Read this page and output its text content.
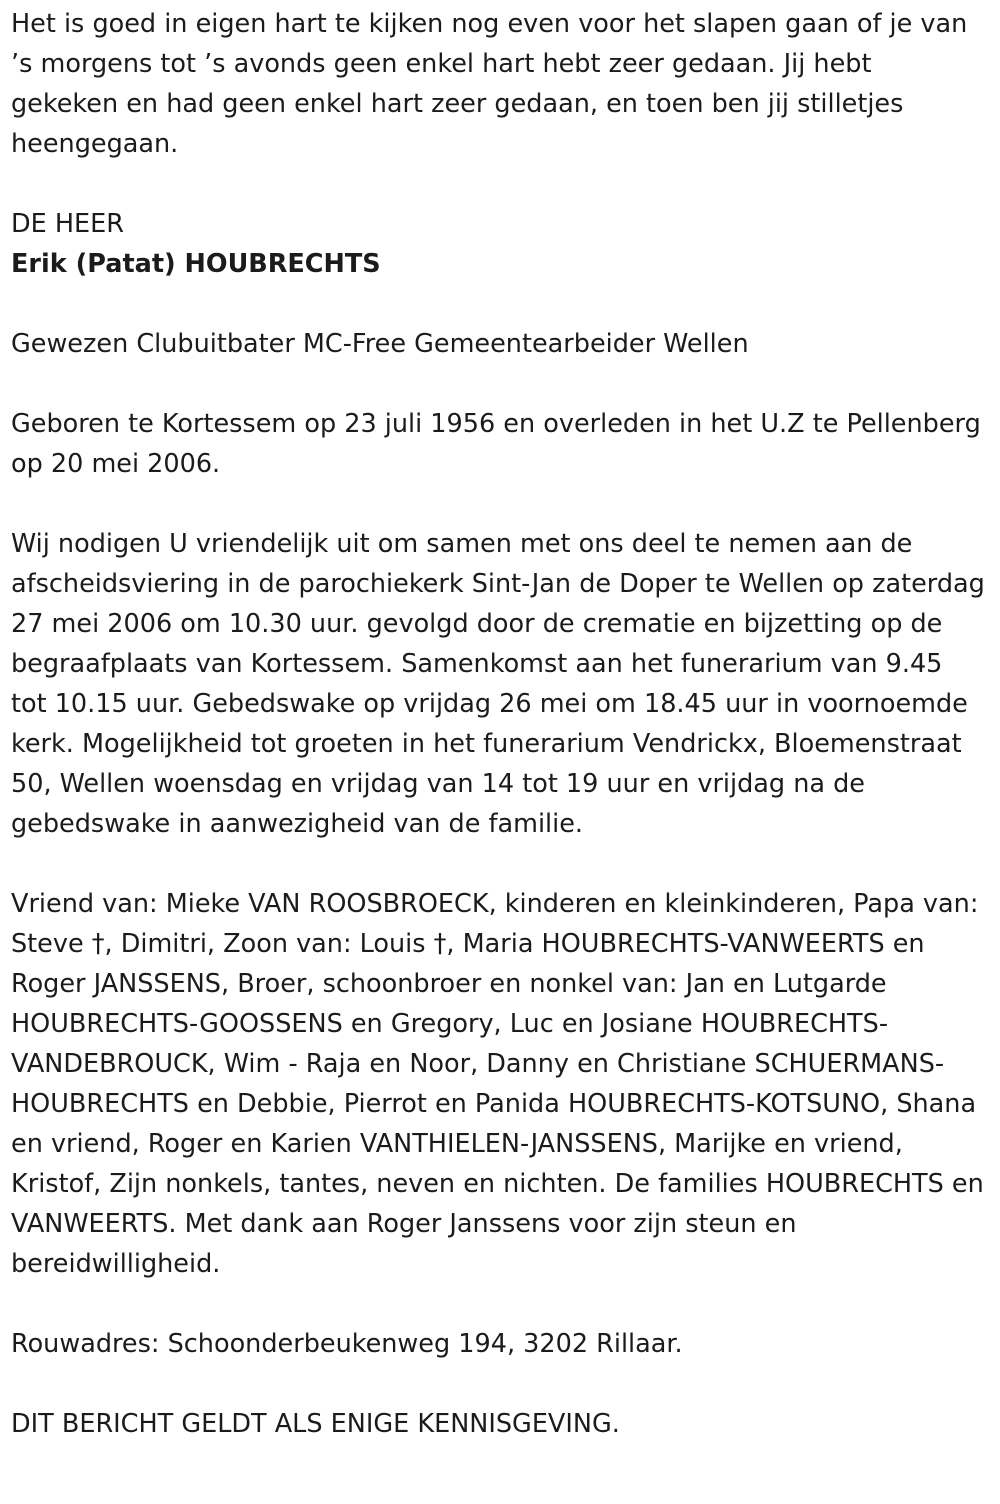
Het is goed in eigen hart te kijken nog even voor het slapen gaan of je van ’s morgens tot ’s avonds geen enkel hart hebt zeer gedaan. Jij hebt gekeken en had geen enkel hart zeer gedaan, en toen ben jij stilletjes heengegaan.

DE HEER

Erik (Patat) HOUBRECHTS

Gewezen Clubuitbater MC-Free Gemeentearbeider Wellen

Geboren te Kortessem op 23 juli 1956 en overleden in het U.Z te Pellenberg op 20 mei 2006.

Wij nodigen U vriendelijk uit om samen met ons deel te nemen aan de afscheidsviering in de parochiekerk Sint-Jan de Doper te Wellen op zaterdag 27 mei 2006 om 10.30 uur. gevolgd door de crematie en bijzetting op de begraafplaats van Kortessem. Samenkomst aan het funerarium van 9.45 tot 10.15 uur. Gebedswake op vrijdag 26 mei om 18.45 uur in voornoemde kerk. Mogelijkheid tot groeten in het funerarium Vendrickx, Bloemenstraat 50, Wellen woensdag en vrijdag van 14 tot 19 uur en vrijdag na de gebedswake in aanwezigheid van de familie.

Vriend van: Mieke VAN ROOSBROECK, kinderen en kleinkinderen, Papa van: Steve †, Dimitri, Zoon van: Louis †, Maria HOUBRECHTS-VANWEERTS en Roger JANSSENS, Broer, schoonbroer en nonkel van: Jan en Lutgarde HOUBRECHTS-GOOSSENS en Gregory, Luc en Josiane HOUBRECHTS-VANDEBROUCK, Wim - Raja en Noor, Danny en Christiane SCHUERMANS-HOUBRECHTS en Debbie, Pierrot en Panida HOUBRECHTS-KOTSUNO, Shana en vriend, Roger en Karien VANTHIELEN-JANSSENS, Marijke en vriend, Kristof, Zijn nonkels, tantes, neven en nichten. De families HOUBRECHTS en VANWEERTS. Met dank aan Roger Janssens voor zijn steun en bereidwilligheid.

Rouwadres: Schoonderbeukenweg 194, 3202 Rillaar.

DIT BERICHT GELDT ALS ENIGE KENNISGEVING.
